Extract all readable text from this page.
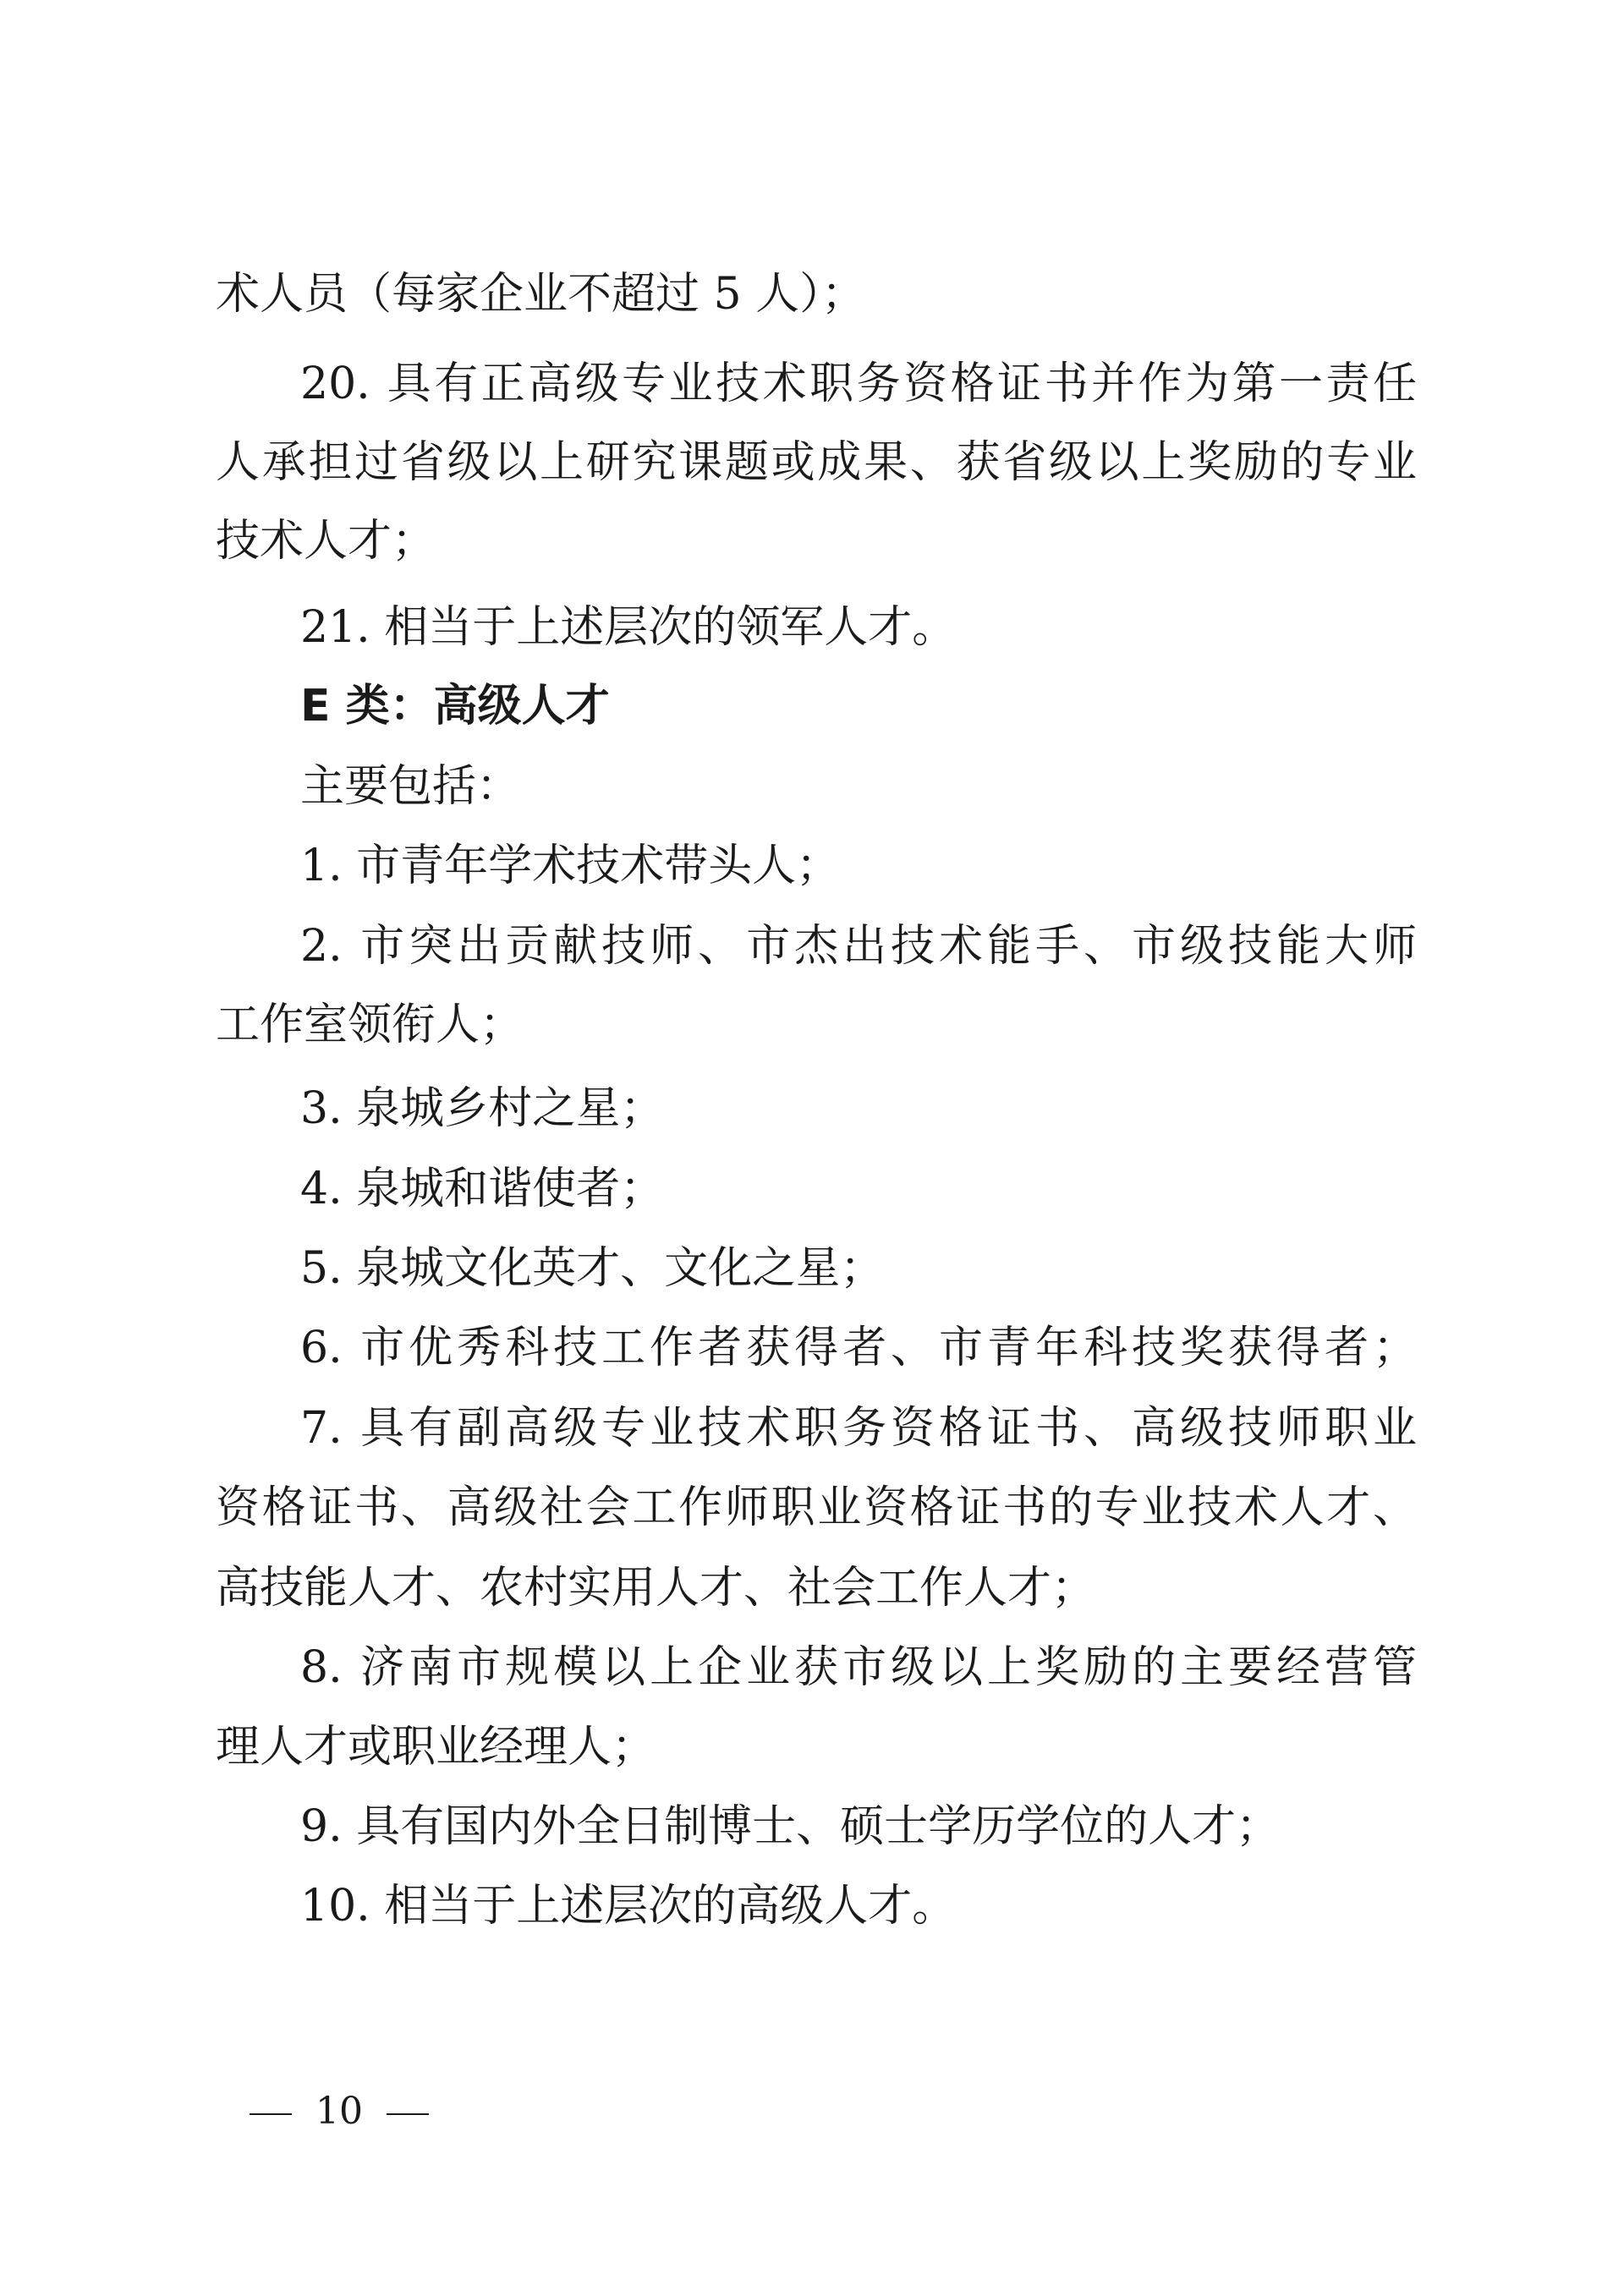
术人员（每家企业不超过 5 人）；
20. 具有正高级专业技术职务资格证书并作为第一责任
人承担过省级以上研究课题或成果、获省级以上奖励的专业
技术人才；
21. 相当于上述层次的领军人才。
E 类：高级人才
主要包括：
1. 市青年学术技术带头人；
2. 市突出贡献技师、市杰出技术能手、市级技能大师
工作室领衔人；
3. 泉城乡村之星；
4. 泉城和谐使者；
5. 泉城文化英才、文化之星；
6. 市优秀科技工作者获得者、市青年科技奖获得者；
7. 具有副高级专业技术职务资格证书、高级技师职业
资格证书、高级社会工作师职业资格证书的专业技术人才、
高技能人才、农村实用人才、社会工作人才；
8. 济南市规模以上企业获市级以上奖励的主要经营管
理人才或职业经理人；
9. 具有国内外全日制博士、硕士学历学位的人才；
10. 相当于上述层次的高级人才。
10
